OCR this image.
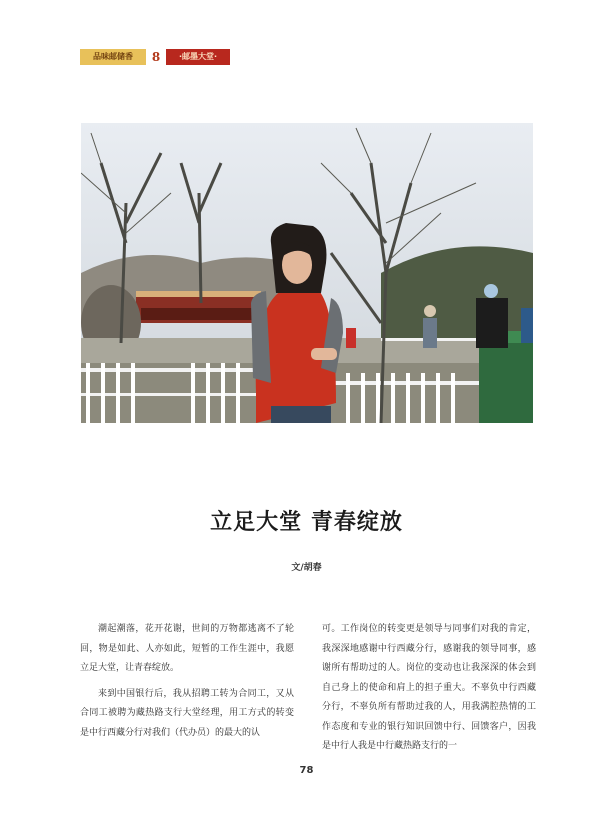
品味邮储香	8	·邮墨大堂·
立足大堂 青春绽放
文/胡春

潮起潮落，花开花谢，世间的万物都逃离不了轮回，物是如此、人亦如此，短暂的工作生涯中，我愿立足大堂，让青春绽放。

来到中国银行后，我从招聘工转为合同工，又从合同工被聘为藏热路支行大堂经理，用工方式的转变是中行西藏分行对我们（代办员）的最大的认

可。工作岗位的转变更是领导与同事们对我的肯定，我深深地感谢中行西藏分行，感谢我的领导同事，感谢所有帮助过的人。岗位的变动也让我深深的体会到自己身上的使命和肩上的担子重大。不辜负中行西藏分行，不辜负所有帮助过我的人，用我满腔热情的工作态度和专业的银行知识回馈中行、回馈客户，因我是中行人我是中行藏热路支行的一

78
